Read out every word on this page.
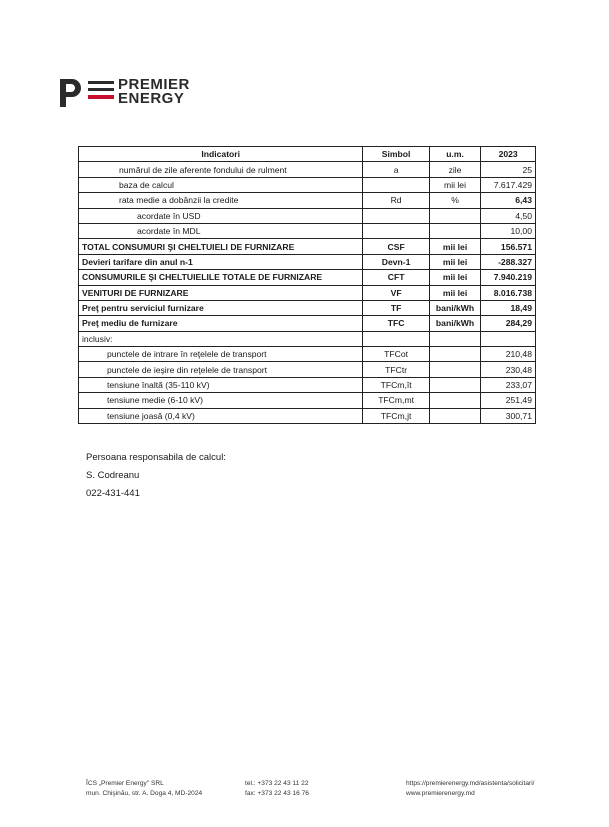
PREMIER
ENERGY
Indicatori	Simbol	u.m.	2023
numărul de zile aferente fondului de rulment	a	zile	25
baza de calcul		mii lei	7.617.429
rata medie a dobânzii la credite	Rd	%	6,43
acordate în USD			4,50
acordate în MDL			10,00
TOTAL CONSUMURI ŞI CHELTUIELI DE FURNIZARE	CSF	mii lei	156.571
Devieri tarifare din anul n-1	Devn-1	mii lei	-288.327
CONSUMURILE ŞI CHELTUIELILE TOTALE DE FURNIZARE	CFT	mii lei	7.940.219
VENITURI DE FURNIZARE	VF	mii lei	8.016.738
Preţ pentru serviciul furnizare	TF	bani/kWh	18,49
Preţ mediu de furnizare	TFC	bani/kWh	284,29
inclusiv:			
punctele de intrare în reţelele de transport	TFCot		210,48
punctele de ieşire din reţelele de transport	TFCtr		230,48
tensiune înaltă (35-110 kV)	TFCm,ît		233,07
tensiune medie (6-10 kV)	TFCm,mt		251,49
tensiune joasă (0,4 kV)	TFCm,jt		300,71
Persoana responsabila de calcul:
S. Codreanu
022-431-441
ÎCS „Premier Energy" SRL
mun. Chişinău, str. A. Doga 4, MD-2024
tel.: +373 22 43 11 22
fax: +373 22 43 16 76
https://premierenergy.md/asistenta/solicitari/
www.premierenergy.md
